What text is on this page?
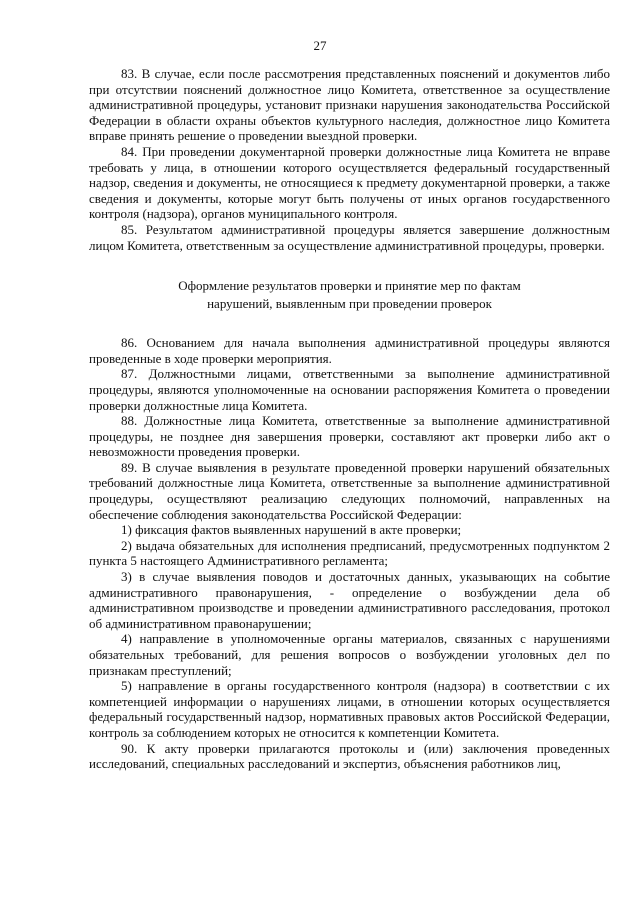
27

83. В случае, если после рассмотрения представленных пояснений и документов либо при отсутствии пояснений должностное лицо Комитета, ответственное за осуществление административной процедуры, установит признаки нарушения законодательства Российской Федерации в области охраны объектов культурного наследия, должностное лицо Комитета вправе принять решение о проведении выездной проверки.

84. При проведении документарной проверки должностные лица Комитета не вправе требовать у лица, в отношении которого осуществляется федеральный государственный надзор, сведения и документы, не относящиеся к предмету документарной проверки, а также сведения и документы, которые могут быть получены от иных органов государственного контроля (надзора), органов муниципального контроля.

85. Результатом административной процедуры является завершение должностным лицом Комитета, ответственным за осуществление административной процедуры, проверки.

Оформление результатов проверки и принятие мер по фактам
нарушений, выявленным при проведении проверок

86. Основанием для начала выполнения административной процедуры являются проведенные в ходе проверки мероприятия.

87. Должностными лицами, ответственными за выполнение административной процедуры, являются уполномоченные на основании распоряжения Комитета о проведении проверки должностные лица Комитета.

88. Должностные лица Комитета, ответственные за выполнение административной процедуры, не позднее дня завершения проверки, составляют акт проверки либо акт о невозможности проведения проверки.

89. В случае выявления в результате проведенной проверки нарушений обязательных требований должностные лица Комитета, ответственные за выполнение административной процедуры, осуществляют реализацию следующих полномочий, направленных на обеспечение соблюдения законодательства Российской Федерации:

1) фиксация фактов выявленных нарушений в акте проверки;

2) выдача обязательных для исполнения предписаний, предусмотренных подпунктом 2 пункта 5 настоящего Административного регламента;

3) в случае выявления поводов и достаточных данных, указывающих на событие административного правонарушения, - определение о возбуждении дела об административном производстве и проведении административного расследования, протокол об административном правонарушении;

4) направление в уполномоченные органы материалов, связанных с нарушениями обязательных требований, для решения вопросов о возбуждении уголовных дел по признакам преступлений;

5) направление в органы государственного контроля (надзора) в соответствии с их компетенцией информации о нарушениях лицами, в отношении которых осуществляется федеральный государственный надзор, нормативных правовых актов Российской Федерации, контроль за соблюдением которых не относится к компетенции Комитета.

90. К акту проверки прилагаются протоколы и (или) заключения проведенных исследований, специальных расследований и экспертиз, объяснения работников лиц,
